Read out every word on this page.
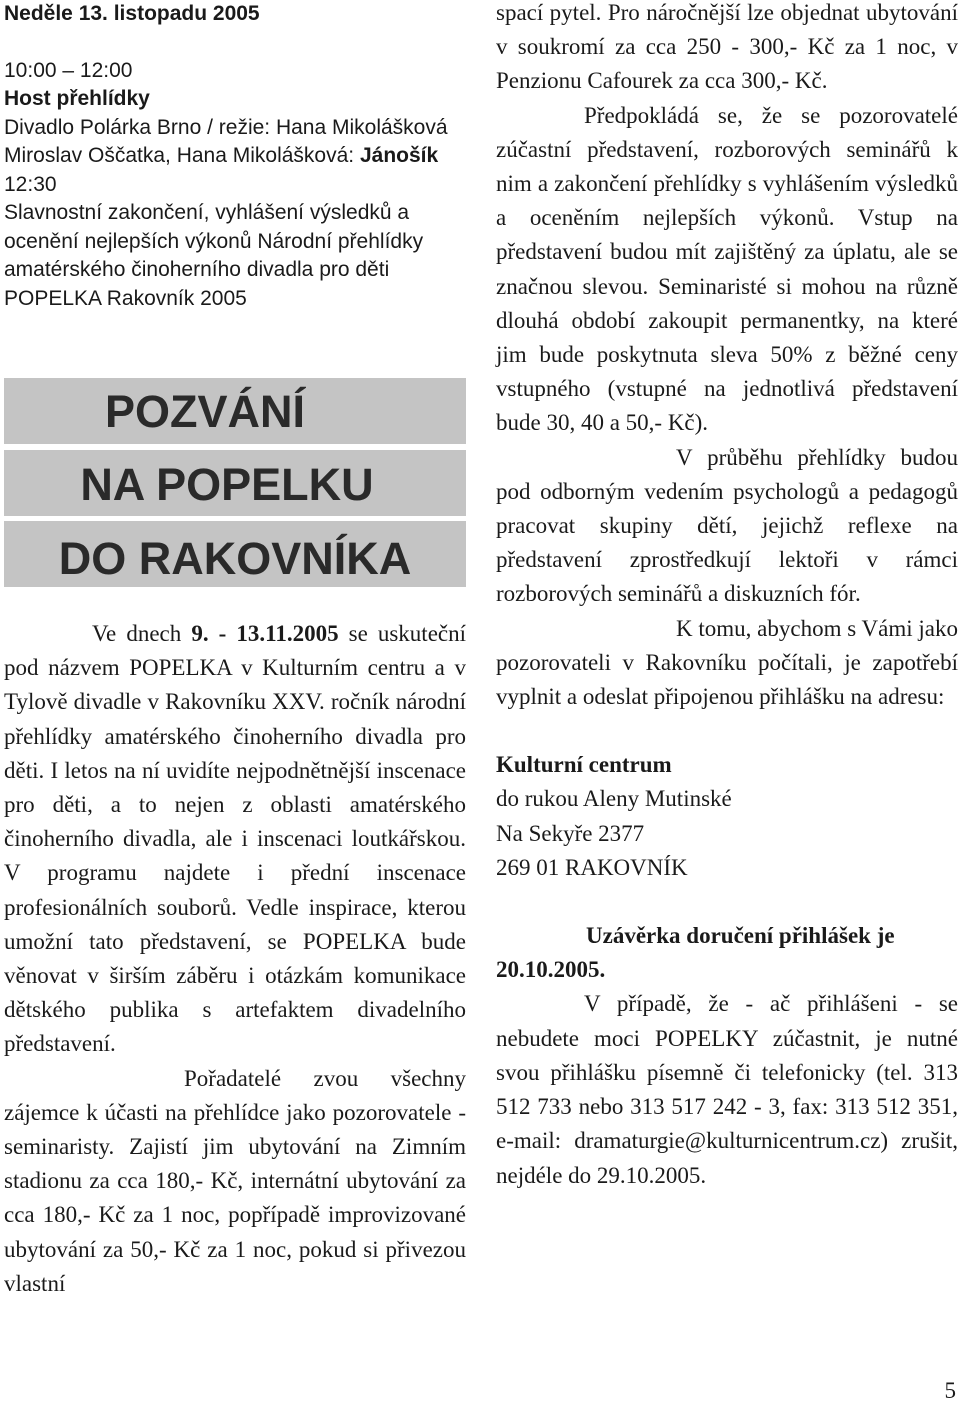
Neděle 13. listopadu 2005

10:00 – 12:00

Host přehlídky

Divadlo Polárka Brno / režie: Hana Mikolášková

Miroslav Oščatka, Hana Mikolášková: Jánošík

12:30

Slavnostní zakončení, vyhlášení výsledků a ocenění nejlepších výkonů Národní přehlídky amatérského činoherního divadla pro děti POPELKA Rakovník 2005

POZVÁNÍ
NA POPELKU
DO RAKOVNÍKA

Ve dnech 9. - 13.11.2005 se uskuteční pod názvem POPELKA v Kulturním centru a v Tylově divadle v Rakovníku XXV. ročník národní přehlídky amatérského činoherního divadla pro děti. I letos na ní uvidíte nejpodnětnější inscenace pro děti, a to nejen z oblasti amatérského činoherního divadla, ale i inscenaci loutkářskou. V programu najdete i přední inscenace profesionálních souborů. Vedle inspirace, kterou umožní tato představení, se POPELKA bude věnovat v širším záběru i otázkám komunikace dětského publika s artefaktem divadelního představení.

Pořadatelé zvou všechny zájemce k účasti na přehlídce jako pozorovatele - seminaristy. Zajistí jim ubytování na Zimním stadionu za cca 180,- Kč, internátní ubytování za cca 180,- Kč za 1 noc, popřípadě improvizované ubytování za 50,- Kč za 1 noc, pokud si přivezou vlastní

spací pytel. Pro náročnější lze objednat ubytování v soukromí za cca 250 - 300,- Kč za 1 noc, v Penzionu Cafourek za cca 300,- Kč.

Předpokládá se, že se pozorovatelé zúčastní představení, rozborových seminářů k nim a zakončení přehlídky s vyhlášením výsledků a oceněním nejlepších výkonů. Vstup na představení budou mít zajištěný za úplatu, ale se značnou slevou. Seminaristé si mohou na různě dlouhá období zakoupit permanentky, na které jim bude poskytnuta sleva 50% z běžné ceny vstupného (vstupné na jednotlivá představení bude 30, 40 a 50,- Kč).

V průběhu přehlídky budou pod odborným vedením psychologů a pedagogů pracovat skupiny dětí, jejichž reflexe na představení zprostředkují lektoři v rámci rozborových seminářů a diskuzních fór.

K tomu, abychom s Vámi jako pozorovateli v Rakovníku počítali, je zapotřebí vyplnit a odeslat připojenou přihlášku na adresu:

Kulturní centrum

do rukou Aleny Mutinské

Na Sekyře 2377

269 01 RAKOVNÍK

Uzávěrka doručení přihlášek je

20.10.2005.

V případě, že - ač přihlášeni - se nebudete moci POPELKY zúčastnit, je nutné svou přihlášku písemně či telefonicky (tel. 313 512 733 nebo 313 517 242 - 3, fax: 313 512 351, e-mail: dramaturgie@kulturnicentrum.cz) zrušit, nejdéle do 29.10.2005.

5
